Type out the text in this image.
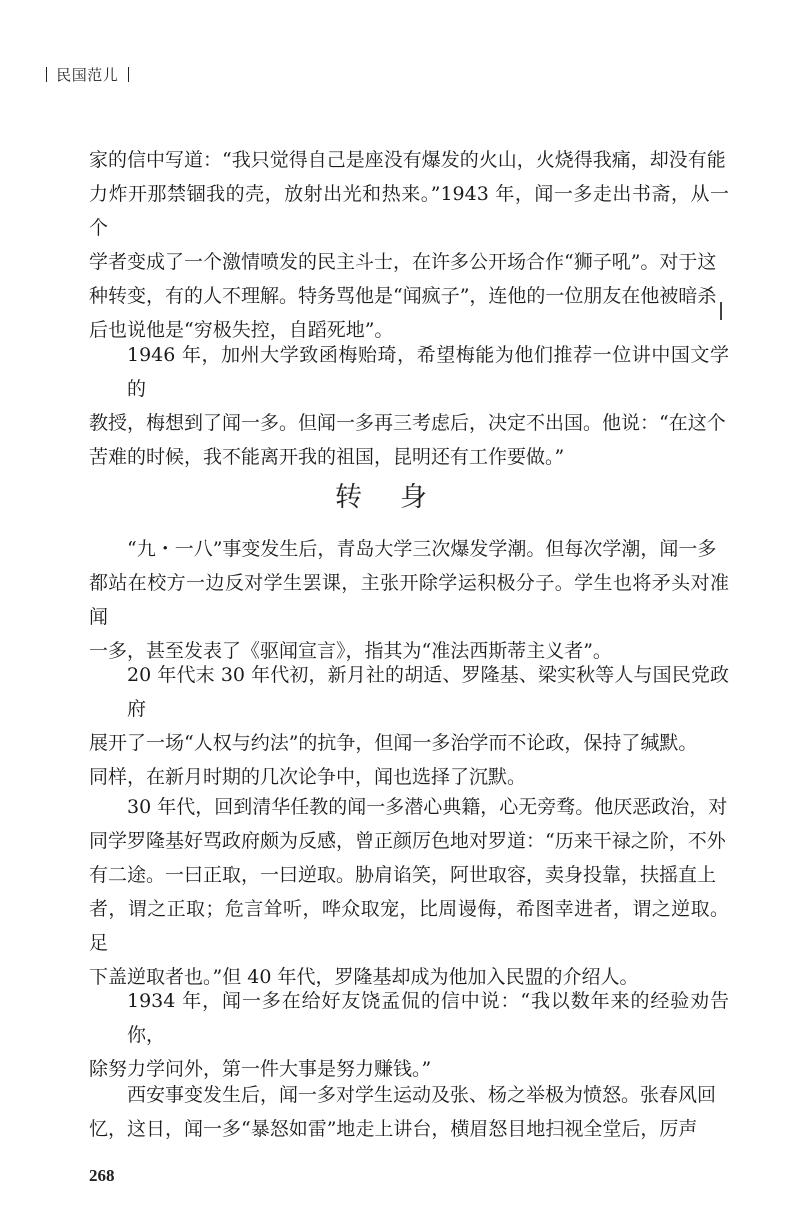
民国范儿
家的信中写道：“我只觉得自己是座没有爆发的火山，火烧得我痛，却没有能
力炸开那禁锢我的壳，放射出光和热来。”1943 年，闻一多走出书斋，从一个
学者变成了一个激情喷发的民主斗士，在许多公开场合作“狮子吼”。对于这
种转变，有的人不理解。特务骂他是“闻疯子”，连他的一位朋友在他被暗杀
后也说他是“穷极失控，自蹈死地”。
1946 年，加州大学致函梅贻琦，希望梅能为他们推荐一位讲中国文学的
教授，梅想到了闻一多。但闻一多再三考虑后，决定不出国。他说：“在这个
苦难的时候，我不能离开我的祖国，昆明还有工作要做。”
转身
“九・一八”事变发生后，青岛大学三次爆发学潮。但每次学潮，闻一多
都站在校方一边反对学生罢课，主张开除学运积极分子。学生也将矛头对准闻
一多，甚至发表了《驱闻宣言》，指其为“准法西斯蒂主义者”。
20 年代末 30 年代初，新月社的胡适、罗隆基、梁实秋等人与国民党政府
展开了一场“人权与约法”的抗争，但闻一多治学而不论政，保持了缄默。
同样，在新月时期的几次论争中，闻也选择了沉默。
30 年代，回到清华任教的闻一多潜心典籍，心无旁骛。他厌恶政治，对
同学罗隆基好骂政府颇为反感，曾正颜厉色地对罗道：“历来干禄之阶，不外
有二途。一曰正取，一曰逆取。胁肩谄笑，阿世取容，卖身投靠，扶摇直上
者，谓之正取；危言耸听，哗众取宠，比周谩侮，希图幸进者，谓之逆取。足
下盖逆取者也。”但 40 年代，罗隆基却成为他加入民盟的介绍人。
1934 年，闻一多在给好友饶孟侃的信中说：“我以数年来的经验劝告你，
除努力学问外，第一件大事是努力赚钱。”
西安事变发生后，闻一多对学生运动及张、杨之举极为愤怒。张春风回
忆，这日，闻一多“暴怒如雷”地走上讲台，横眉怒目地扫视全堂后，厉声
268
